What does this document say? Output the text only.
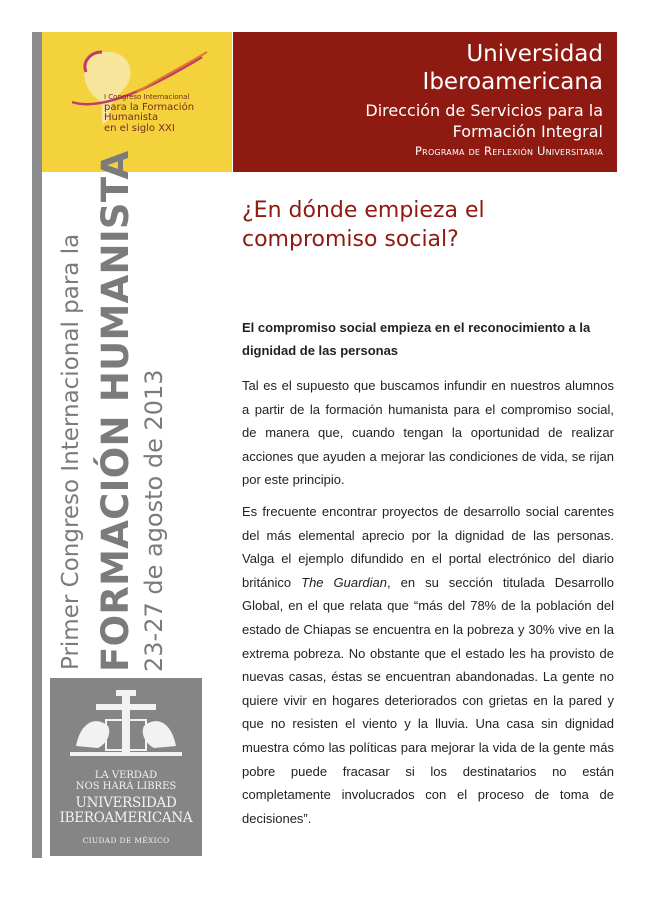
I Congreso Internacional
para la Formación Humanista
en el siglo XXI
Universidad
Iberoamericana
Dirección de Servicios para la
Formación Integral
Programa de Reflexión Universitaria
Primer Congreso Internacional para la FORMACIÓN HUMANISTA 23-27 de agosto de 2013
LA VERDAD
NOS HARÁ LIBRES
UNIVERSIDAD
IBEROAMERICANA
CIUDAD DE MÉXICO
¿En dónde empieza el
compromiso social?

El compromiso social empieza en el reconocimiento a la dignidad de las personas

Tal es el supuesto que buscamos infundir en nuestros alumnos a partir de la formación humanista para el compromiso social, de manera que, cuando tengan la oportunidad de realizar acciones que ayuden a mejorar las condiciones de vida, se rijan por este principio.

Es frecuente encontrar proyectos de desarrollo social carentes del más elemental aprecio por la dignidad de las personas. Valga el ejemplo difundido en el portal electrónico del diario británico The Guardian, en su sección titulada Desarrollo Global, en el que relata que “más del 78% de la población del estado de Chiapas se encuentra en la pobreza y 30% vive en la extrema pobreza. No obstante que el estado les ha provisto de nuevas casas, éstas se encuentran abandonadas. La gente no quiere vivir en hogares deteriorados con grietas en la pared y que no resisten el viento y la lluvia. Una casa sin dignidad muestra cómo las políticas para mejorar la vida de la gente más pobre puede fracasar si los destinatarios no están completamente involucrados con el proceso de toma de decisiones”.
